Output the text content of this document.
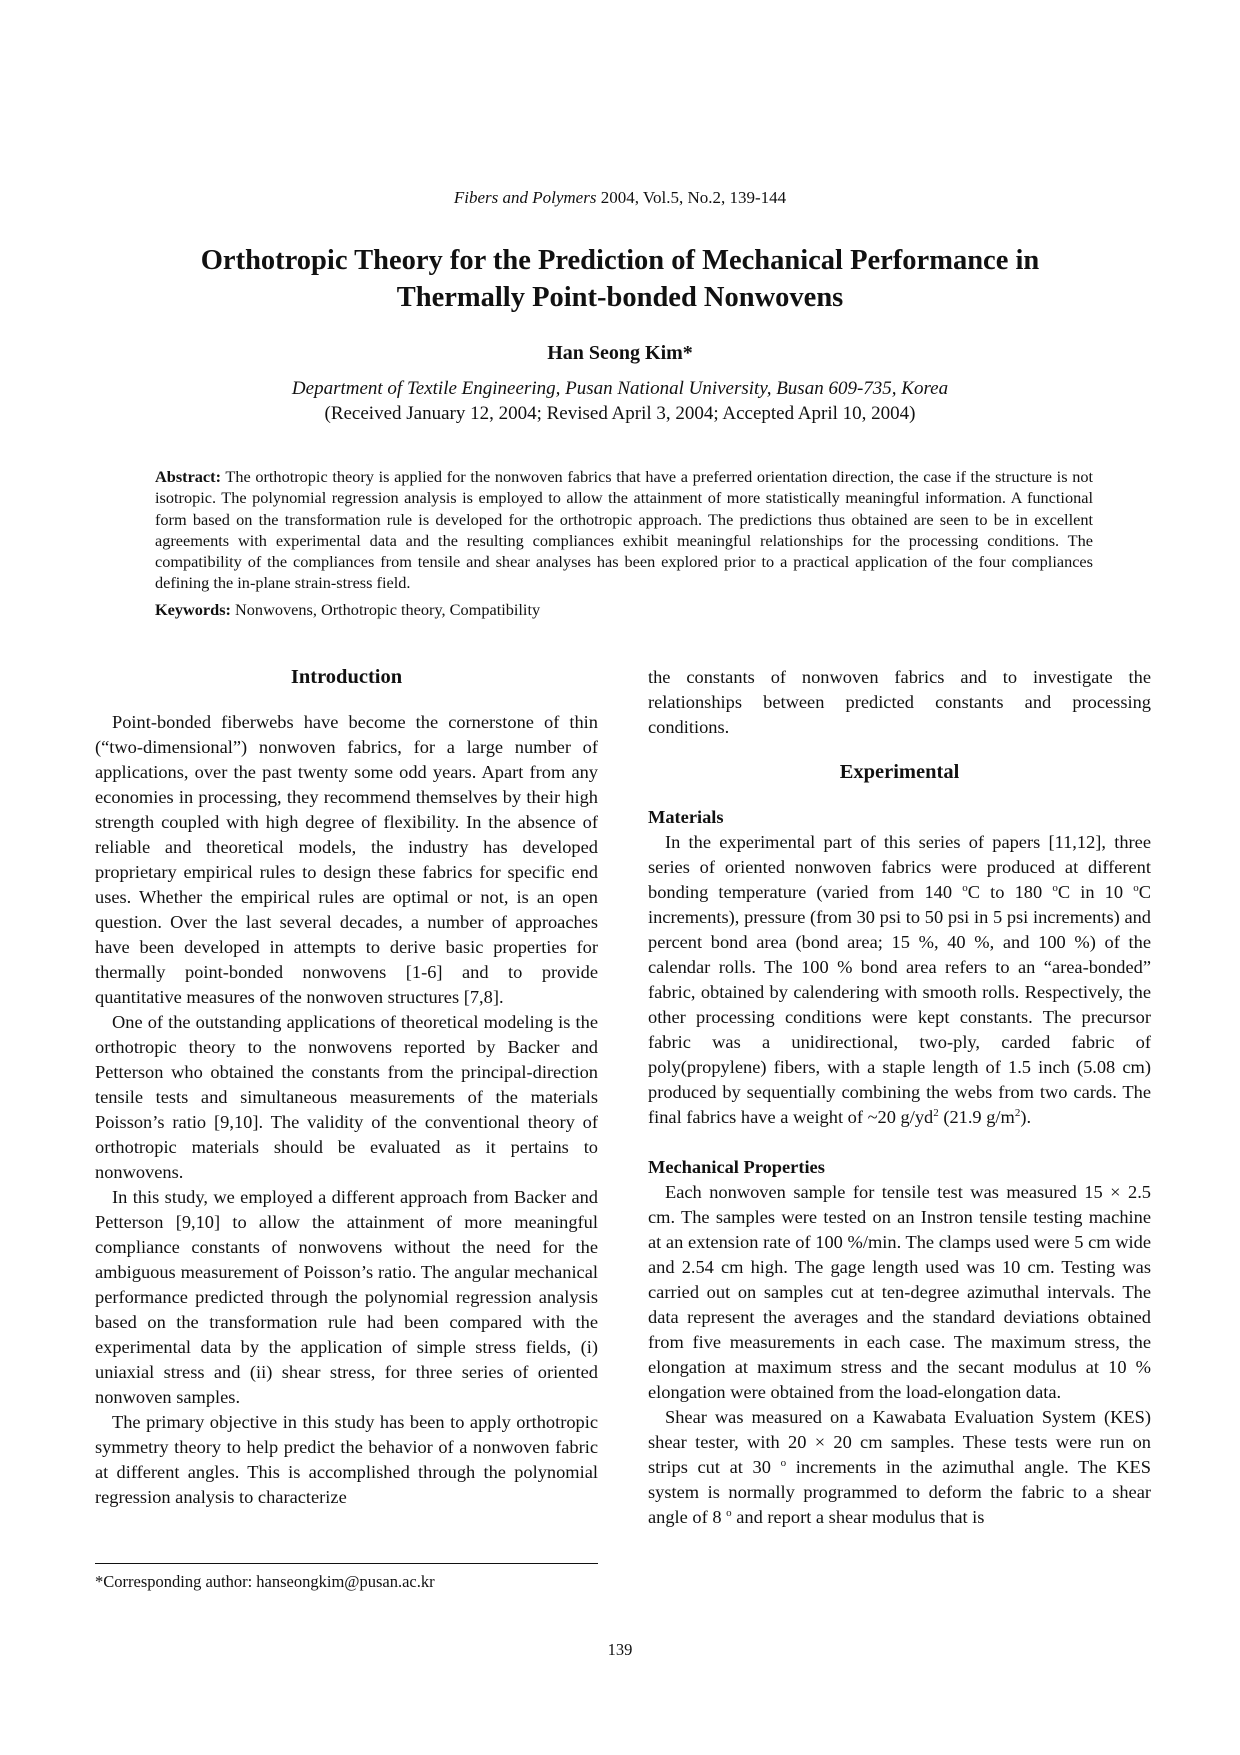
Fibers and Polymers 2004, Vol.5, No.2, 139-144
Orthotropic Theory for the Prediction of Mechanical Performance in
Thermally Point-bonded Nonwovens
Han Seong Kim*
Department of Textile Engineering, Pusan National University, Busan 609-735, Korea
(Received January 12, 2004; Revised April 3, 2004; Accepted April 10, 2004)

Abstract: The orthotropic theory is applied for the nonwoven fabrics that have a preferred orientation direction, the case if the structure is not isotropic. The polynomial regression analysis is employed to allow the attainment of more statistically meaningful information. A functional form based on the transformation rule is developed for the orthotropic approach. The predictions thus obtained are seen to be in excellent agreements with experimental data and the resulting compliances exhibit meaningful relationships for the processing conditions. The compatibility of the compliances from tensile and shear analyses has been explored prior to a practical application of the four compliances defining the in-plane strain-stress field.

Keywords: Nonwovens, Orthotropic theory, Compatibility

Introduction

Point-bonded fiberwebs have become the cornerstone of thin (“two-dimensional”) nonwoven fabrics, for a large number of applications, over the past twenty some odd years. Apart from any economies in processing, they recommend themselves by their high strength coupled with high degree of flexibility. In the absence of reliable and theoretical models, the industry has developed proprietary empirical rules to design these fabrics for specific end uses. Whether the empirical rules are optimal or not, is an open question. Over the last several decades, a number of approaches have been developed in attempts to derive basic properties for thermally point-bonded nonwovens [1-6] and to provide quantitative measures of the nonwoven structures [7,8].

One of the outstanding applications of theoretical modeling is the orthotropic theory to the nonwovens reported by Backer and Petterson who obtained the constants from the principal-direction tensile tests and simultaneous measurements of the materials Poisson’s ratio [9,10]. The validity of the conventional theory of orthotropic materials should be evaluated as it pertains to nonwovens.

In this study, we employed a different approach from Backer and Petterson [9,10] to allow the attainment of more meaningful compliance constants of nonwovens without the need for the ambiguous measurement of Poisson’s ratio. The angular mechanical performance predicted through the polynomial regression analysis based on the transformation rule had been compared with the experimental data by the application of simple stress fields, (i) uniaxial stress and (ii) shear stress, for three series of oriented nonwoven samples.

The primary objective in this study has been to apply orthotropic symmetry theory to help predict the behavior of a nonwoven fabric at different angles. This is accomplished through the polynomial regression analysis to characterize

*Corresponding author: hanseongkim@pusan.ac.kr

the constants of nonwoven fabrics and to investigate the relationships between predicted constants and processing conditions.

Experimental
Materials

In the experimental part of this series of papers [11,12], three series of oriented nonwoven fabrics were produced at different bonding temperature (varied from 140 $^o$C to 180 $^o$C in 10 $^o$C increments), pressure (from 30 psi to 50 psi in 5 psi increments) and percent bond area (bond area; 15 %, 40 %, and 100 %) of the calendar rolls. The 100 % bond area refers to an “area-bonded” fabric, obtained by calendering with smooth rolls. Respectively, the other processing conditions were kept constants. The precursor fabric was a unidirectional, two-ply, carded fabric of poly(propylene) fibers, with a staple length of 1.5 inch (5.08 cm) produced by sequentially combining the webs from two cards. The final fabrics have a weight of ~20 $g/yd^2$ (21.9 $g/m^2$).

Mechanical Properties

Each nonwoven sample for tensile test was measured 15 × 2.5 cm. The samples were tested on an Instron tensile testing machine at an extension rate of 100 %/min. The clamps used were 5 cm wide and 2.54 cm high. The gage length used was 10 cm. Testing was carried out on samples cut at ten-degree azimuthal intervals. The data represent the averages and the standard deviations obtained from five measurements in each case. The maximum stress, the elongation at maximum stress and the secant modulus at 10 % elongation were obtained from the load-elongation data.

Shear was measured on a Kawabata Evaluation System (KES) shear tester, with 20 × 20 cm samples. These tests were run on strips cut at 30 $^o$ increments in the azimuthal angle. The KES system is normally programmed to deform the fabric to a shear angle of 8 $^o$ and report a shear modulus that is

139
